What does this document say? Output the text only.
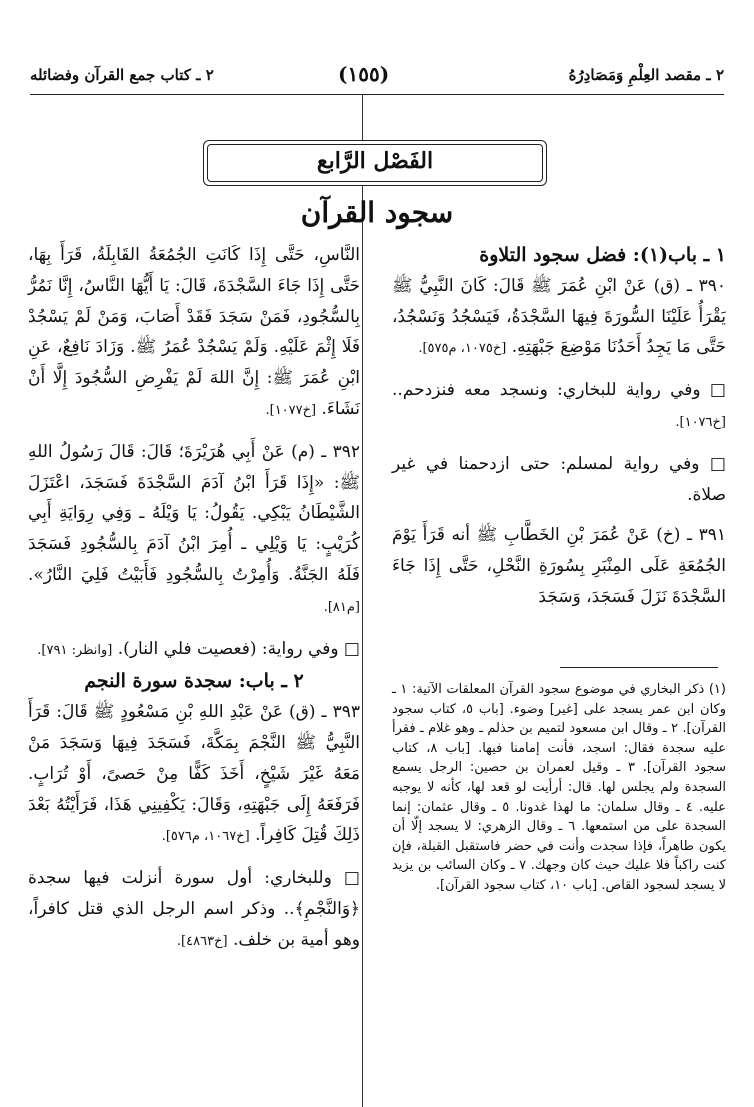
٢ ـ مقصد العِلْمِ وَمَصَادِرُهُ
(١٥٥)
٢ ـ كتاب جمع القرآن وفضائله
الفَصْل الرَّابع
سجود القرآن

١ ـ باب(١): فضل سجود التلاوة

٣٩٠ ـ (ق) عَنْ ابْنِ عُمَرَ ﷺ قَالَ: كَانَ النَّبِيُّ ﷺ يَقْرَأُ عَلَيْنَا السُّورَةَ فِيهَا السَّجْدَةُ، فَيَسْجُدُ وَنَسْجُدُ، حَتَّى مَا يَجِدُ أَحَدُنَا مَوْضِعَ جَبْهَتِهِ. [خ١٠٧٥، م٥٧٥].

□ وفي رواية للبخاري: ونسجد معه فنزدحم.. [خ١٠٧٦].

□ وفي رواية لمسلم: حتى ازدحمنا في غير صلاة.

٣٩١ ـ (خ) عَنْ عُمَرَ بْنِ الخَطَّابِ ﷺ أنه قَرَأَ يَوْمَ الجُمُعَةِ عَلَى المِنْبَرِ بِسُورَةِ النَّحْلِ، حَتَّى إِذَا جَاءَ السَّجْدَةَ نَزَلَ فَسَجَدَ، وَسَجَدَ

(١) ذكر البخاري في موضوع سجود القرآن المعلقات الآتية: ١ ـ وكان ابن عمر يسجد على [غير] وضوء. [باب ٥، كتاب سجود القرآن]. ٢ ـ وقال ابن مسعود لتميم بن حذلم ـ وهو غلام ـ فقرأ عليه سجدة فقال: اسجد، فأنت إمامنا فيها. [باب ٨، كتاب سجود القرآن]. ٣ ـ وقيل لعمران بن حصين: الرجل يسمع السجدة ولم يجلس لها. قال: أرأيت لو قعد لها، كأنه لا يوجبه عليه. ٤ ـ وقال سلمان: ما لهذا غدونا. ٥ ـ وقال عثمان: إنما السجدة على من استمعها. ٦ ـ وقال الزهري: لا يسجد إلّا أن يكون طاهراً، فإذا سجدت وأنت في حضر فاستقبل القبلة، فإن كنت راكباً فلا عليك حيث كان وجهك. ٧ ـ وكان السائب بن يزيد لا يسجد لسجود القاص. [باب ١٠، كتاب سجود القرآن].

النَّاسِ، حَتَّى إِذَا كَانَتِ الجُمُعَةُ القَابِلَةُ، قَرَأَ بِهَا، حَتَّى إِذَا جَاءَ السَّجْدَةَ، قَالَ: يَا أَيُّهَا النَّاسُ، إِنَّا نَمُرُّ بِالسُّجُودِ، فَمَنْ سَجَدَ فَقَدْ أَصَابَ، وَمَنْ لَمْ يَسْجُدْ فَلَا إِثْمَ عَلَيْهِ. وَلَمْ يَسْجُدْ عُمَرُ ﷺ. وَزَادَ نَافِعٌ، عَنِ ابْنِ عُمَرَ ﷺ: إِنَّ اللهَ لَمْ يَفْرِضِ السُّجُودَ إِلَّا أَنْ نَشَاءَ. [خ١٠٧٧].

٣٩٢ ـ (م) عَنْ أَبِي هُرَيْرَةَ؛ قَالَ: قَالَ رَسُولُ اللهِ ﷺ: «إِذَا قَرَأَ ابْنُ آدَمَ السَّجْدَةَ فَسَجَدَ، اعْتَزَلَ الشَّيْطَانُ يَبْكِي. يَقُولُ: يَا وَيْلَهُ ـ وَفِي رِوَايَةِ أَبِي كُرَيْبٍ: يَا وَيْلِي ـ أُمِرَ ابْنُ آدَمَ بِالسُّجُودِ فَسَجَدَ فَلَهُ الجَنَّةُ. وَأُمِرْتُ بِالسُّجُودِ فَأَبَيْتُ فَلِيَ النَّارُ». [م٨١].

□ وفي رواية: (فعصيت فلي النار). [وانظر: ٧٩١].

٢ ـ باب: سجدة سورة النجم

٣٩٣ ـ (ق) عَنْ عَبْدِ اللهِ بْنِ مَسْعُودٍ ﷺ قَالَ: قَرَأَ النَّبِيُّ ﷺ النَّجْمَ بِمَكَّةَ، فَسَجَدَ فِيهَا وَسَجَدَ مَنْ مَعَهُ غَيْرَ شَيْخٍ، أَخَذَ كَفًّا مِنْ حَصىً، أَوْ تُرَابٍ. فَرَفَعَهُ إِلَى جَبْهَتِهِ، وَقَالَ: يَكْفِينِي هَذَا، فَرَأَيْتُهُ بَعْدَ ذَلِكَ قُتِلَ كَافِراً. [خ١٠٦٧، م٥٧٦].

□ وللبخاري: أول سورة أنزلت فيها سجدة ﴿وَالنَّجْمِ﴾.. وذكر اسم الرجل الذي قتل كافراً، وهو أمية بن خلف. [خ٤٨٦٣].
